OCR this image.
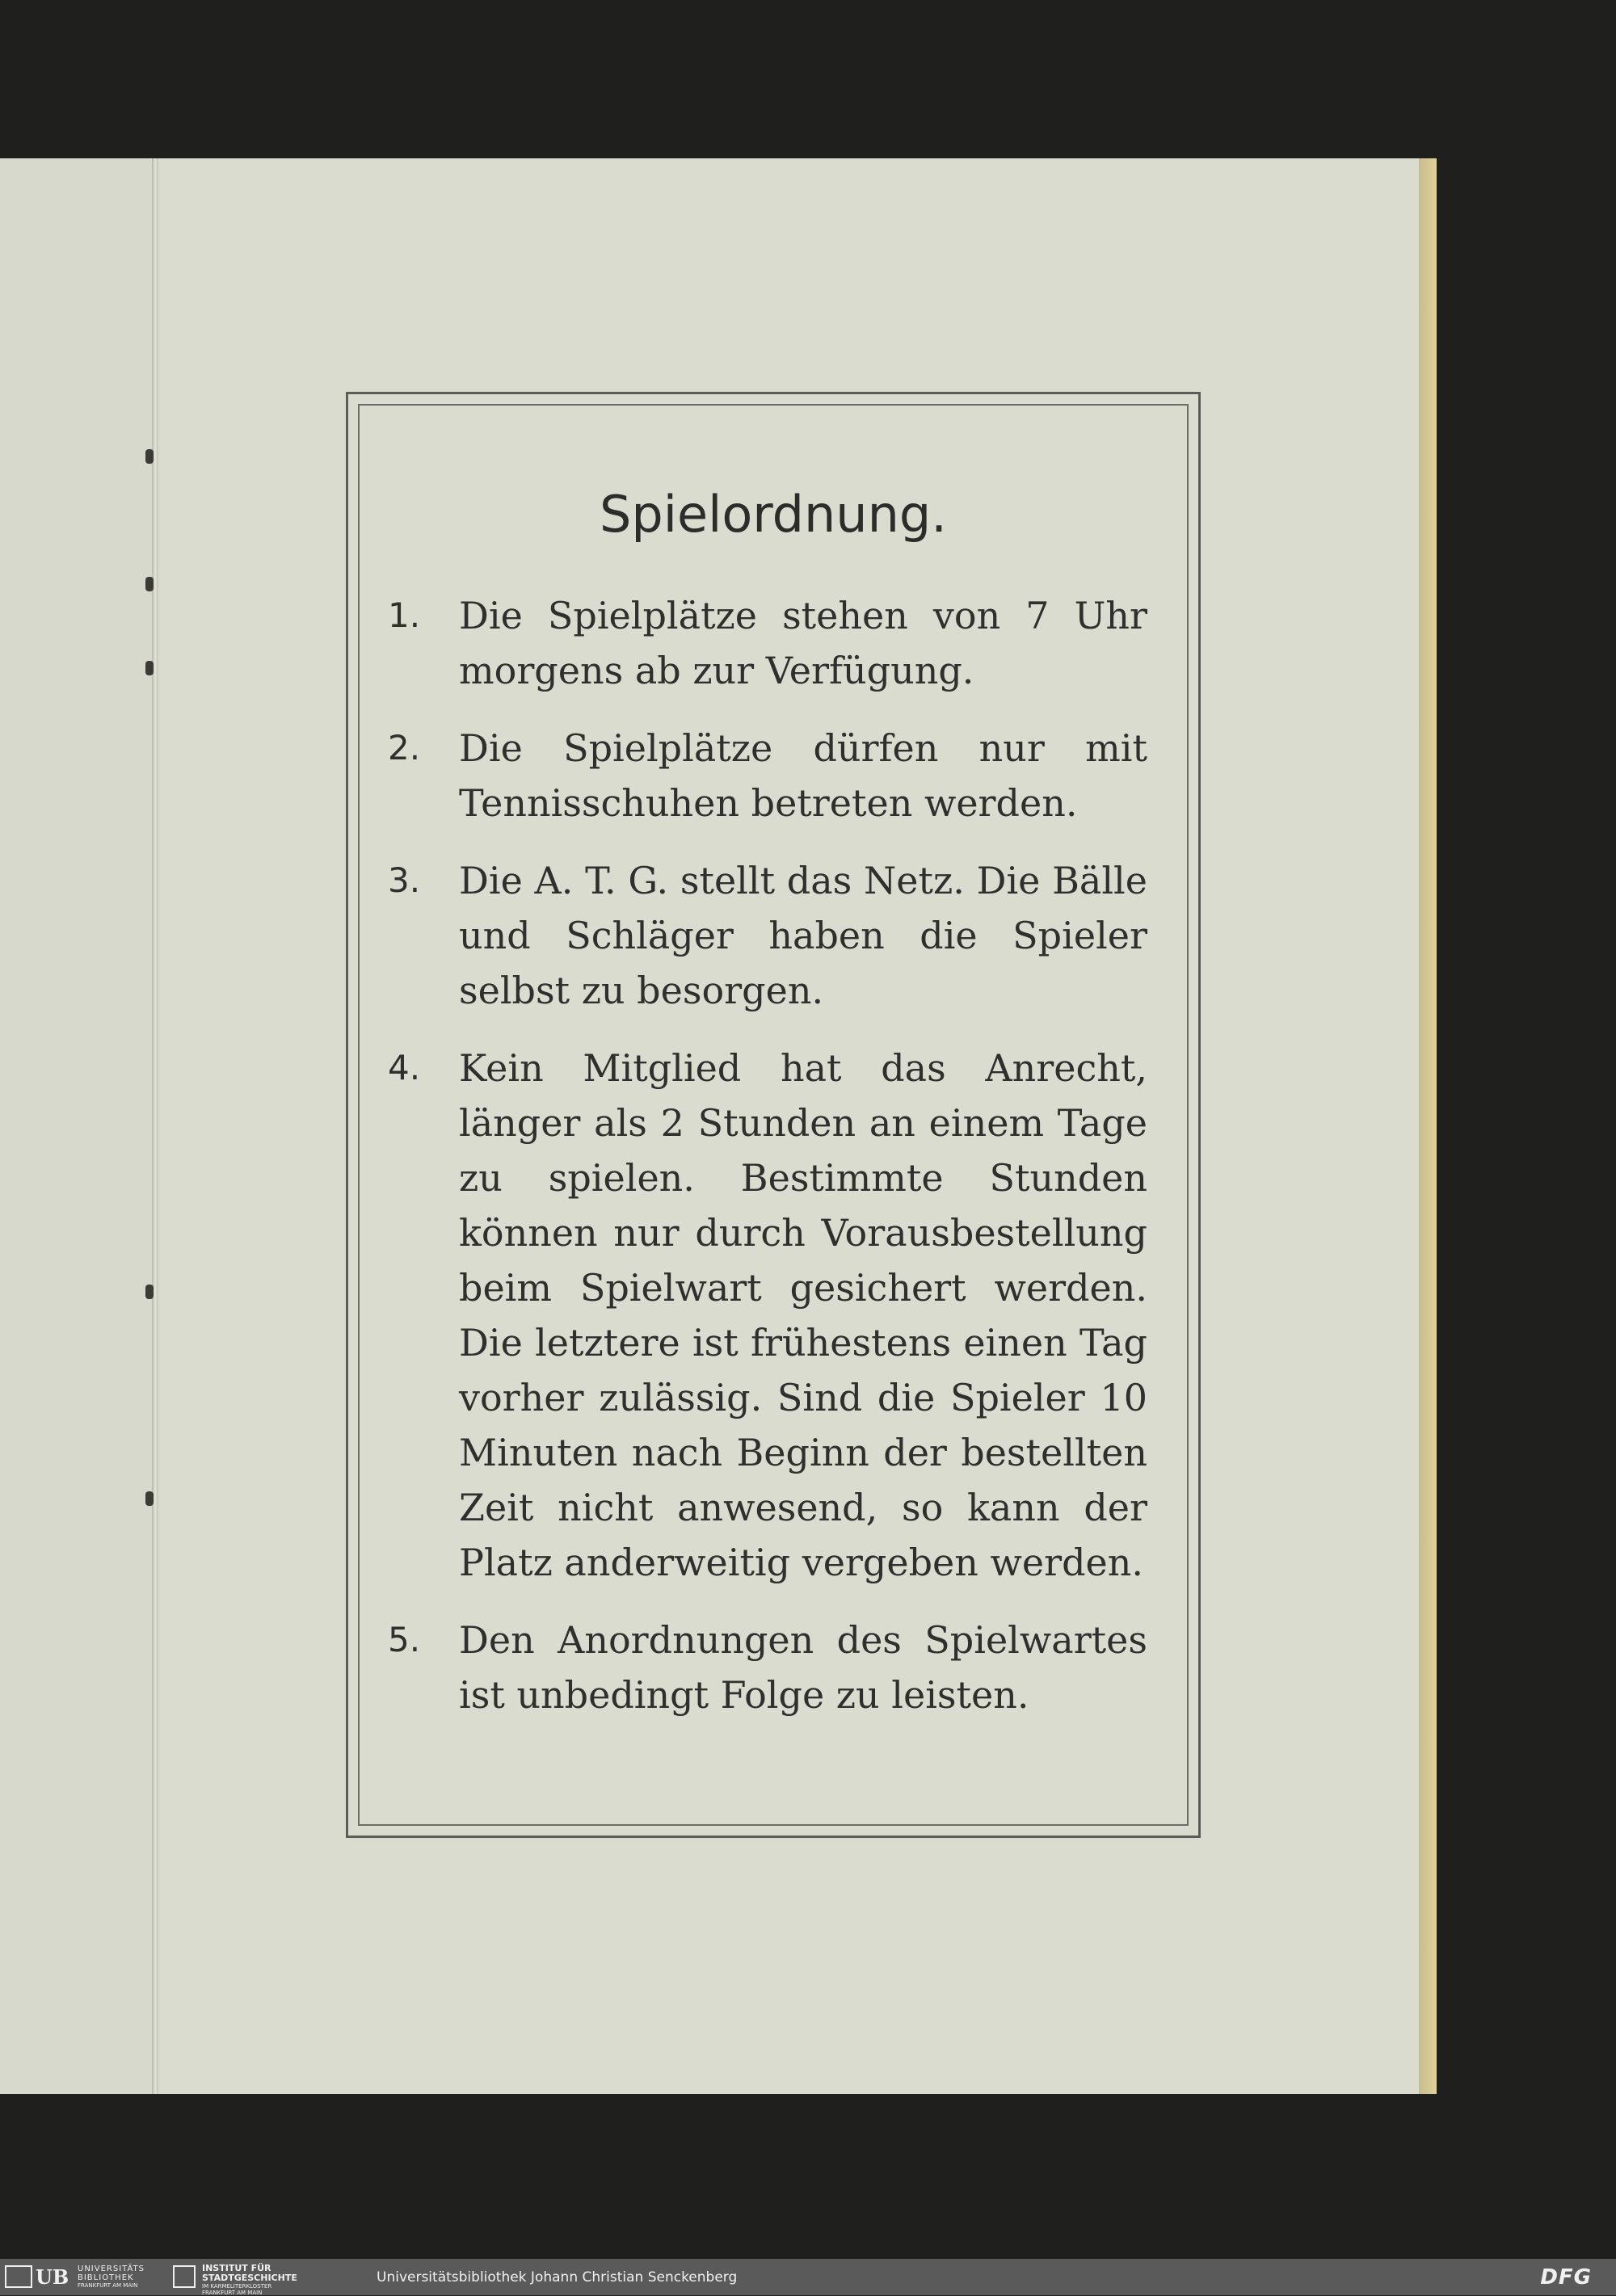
Spielordnung.
1. Die Spielplätze stehen von 7 Uhr morgens ab zur Verfügung.
2. Die Spielplätze dürfen nur mit Tennisschuhen betreten werden.
3. Die A. T. G. stellt das Netz. Die Bälle und Schläger haben die Spieler selbst zu besorgen.
4. Kein Mitglied hat das Anrecht, länger als 2 Stunden an einem Tage zu spielen. Bestimmte Stunden können nur durch Vorausbestellung beim Spielwart gesichert werden. Die letztere ist frühestens einen Tag vorher zulässig. Sind die Spieler 10 Minuten nach Beginn der bestellten Zeit nicht anwesend, so kann der Platz anderweitig vergeben werden.
5. Den Anordnungen des Spielwartes ist unbedingt Folge zu leisten.
UB UNIVERSITÄTS
BIBLIOTHEK
FRANKFURT AM MAIN
INSTITUT FÜR
STADTGESCHICHTE
IM KARMELITERKLOSTER
FRANKFURT AM MAIN
Universitätsbibliothek Johann Christian Senckenberg	DFG
